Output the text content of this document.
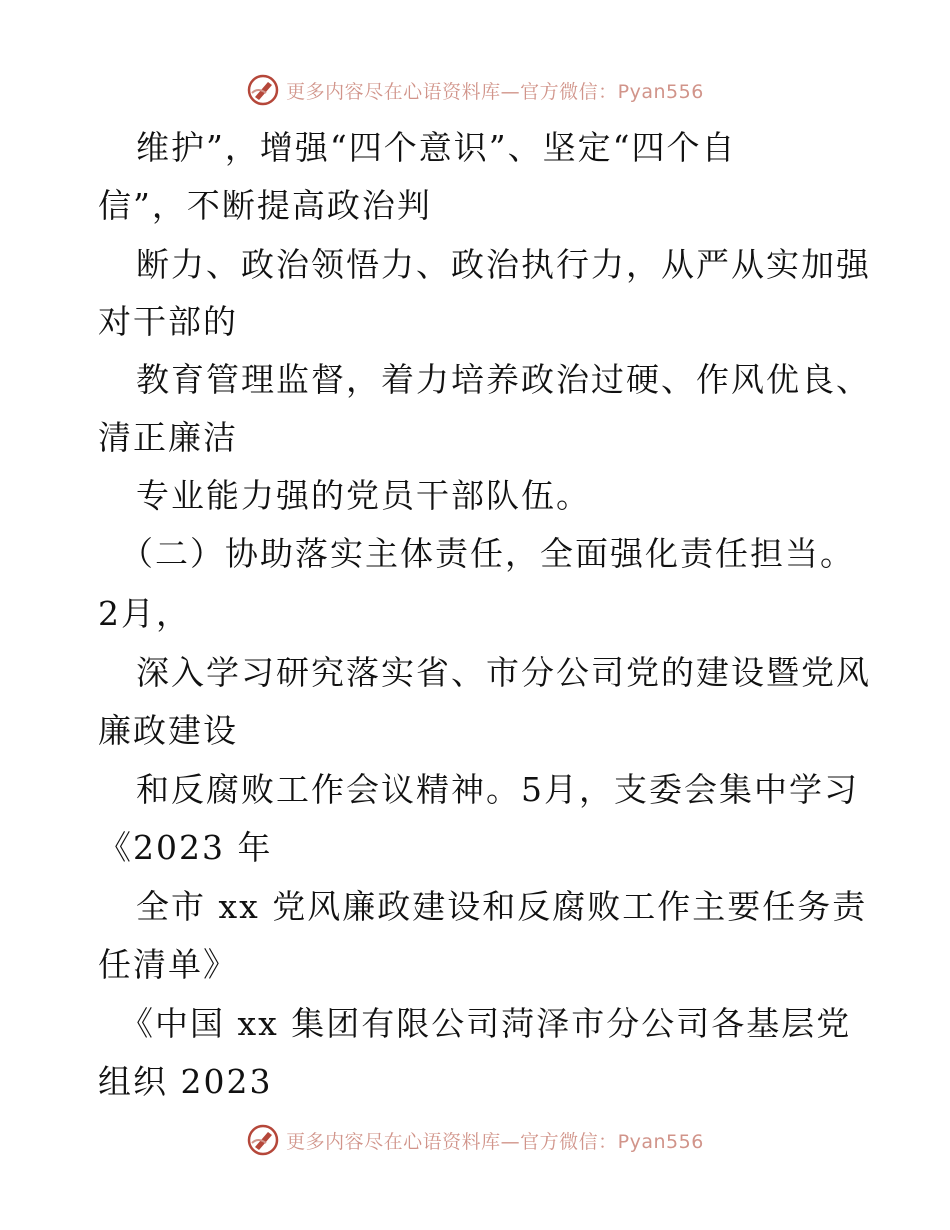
更多内容尽在心语资料库—官方微信：Pyan556
维护”，增强“四个意识”、坚定“四个自
信”，不断提高政治判
断力、政治领悟力、政治执行力，从严从实加强
对干部的
教育管理监督，着力培养政治过硬、作风优良、
清正廉洁
专业能力强的党员干部队伍。
（二）协助落实主体责任，全面强化责任担当。
2月，
深入学习研究落实省、市分公司党的建设暨党风
廉政建设
和反腐败工作会议精神。5月，支委会集中学习
《2023 年
全市 xx 党风廉政建设和反腐败工作主要任务责
任清单》
《中国 xx 集团有限公司菏泽市分公司各基层党
组织 2023
更多内容尽在心语资料库—官方微信：Pyan556
